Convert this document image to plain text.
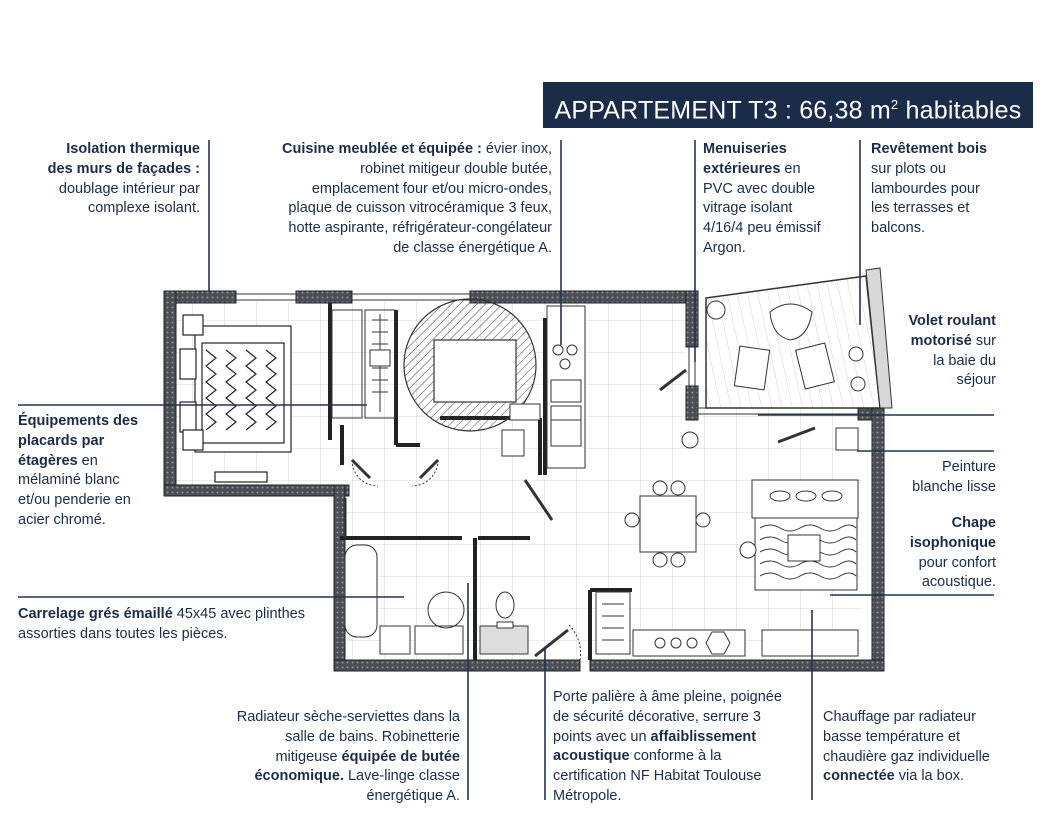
APPARTEMENT T3 : 66,38 $m^2$ habitables
Isolation thermique des murs de façades : doublage intérieur par complexe isolant.
Cuisine meublée et équipée : évier inox, robinet mitigeur double butée, emplacement four et/ou micro-ondes, plaque de cuisson vitrocéramique 3 feux, hotte aspirante, réfrigérateur-congélateur de classe énergétique A.
Menuiseries extérieures en PVC avec double vitrage isolant 4/16/4 peu émissif Argon.
Revêtement bois sur plots ou lambourdes pour les terrasses et balcons.
Volet roulant motorisé sur la baie du séjour
Équipements des placards par étagères en mélaminé blanc et/ou penderie en acier chromé.
Peinture blanche lisse
Chape isophonique pour confort acoustique.
Carrelage grés émaillé 45x45 avec plinthes assorties dans toutes les pièces.
Radiateur sèche-serviettes dans la salle de bains. Robinetterie mitigeuse équipée de butée économique. Lave-linge classe énergétique A.
Porte palière à âme pleine, poignée de sécurité décorative, serrure 3 points avec un affaiblissement acoustique conforme à la certification NF Habitat Toulouse Métropole.
Chauffage par radiateur basse température et chaudière gaz individuelle connectée via la box.
